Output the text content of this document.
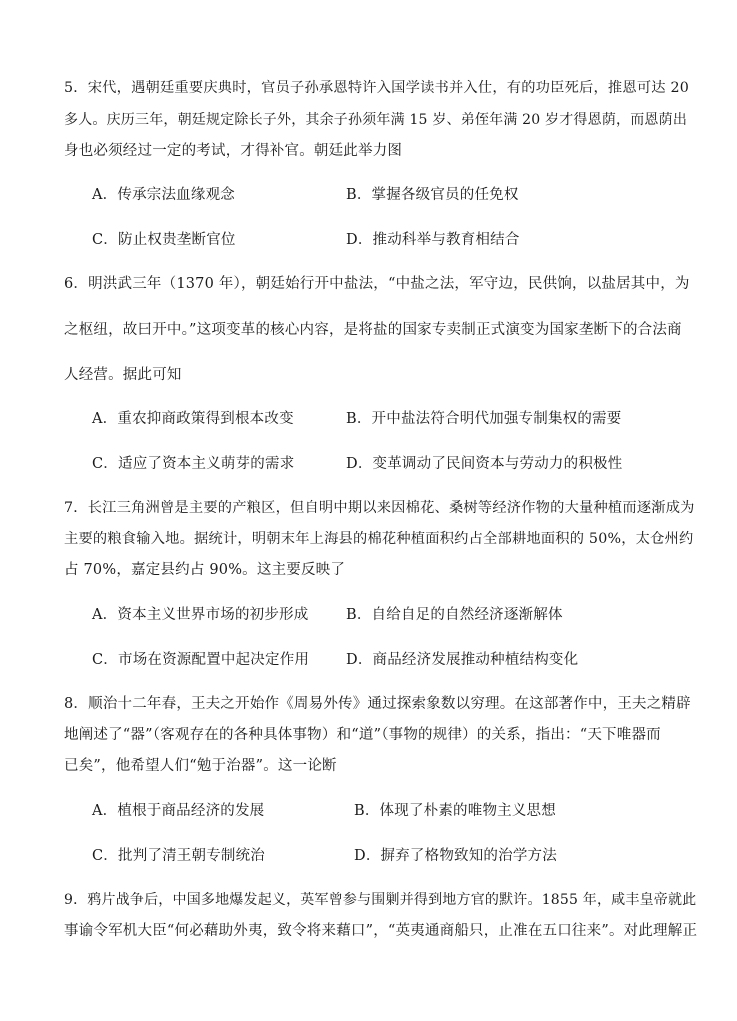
5．宋代，遇朝廷重要庆典时，官员子孙承恩特许入国学读书并入仕，有的功臣死后，推恩可达 20
多人。庆历三年，朝廷规定除长子外，其余子孙须年满 15 岁、弟侄年满 20 岁才得恩荫，而恩荫出
身也必须经过一定的考试，才得补官。朝廷此举力图
A．传承宗法血缘观念	B．掌握各级官员的任免权
C．防止权贵垄断官位	D．推动科举与教育相结合
6．明洪武三年（1370 年），朝廷始行开中盐法，“中盐之法，军守边，民供饷，以盐居其中，为
之枢纽，故曰开中。”这项变革的核心内容，是将盐的国家专卖制正式演变为国家垄断下的合法商
人经营。据此可知
A．重农抑商政策得到根本改变	B．开中盐法符合明代加强专制集权的需要
C．适应了资本主义萌芽的需求	D．变革调动了民间资本与劳动力的积极性
7．长江三角洲曾是主要的产粮区，但自明中期以来因棉花、桑树等经济作物的大量种植而逐渐成为
主要的粮食输入地。据统计，明朝末年上海县的棉花种植面积约占全部耕地面积的 50%，太仓州约
占 70%，嘉定县约占 90%。这主要反映了
A．资本主义世界市场的初步形成	B．自给自足的自然经济逐渐解体
C．市场在资源配置中起决定作用	D．商品经济发展推动种植结构变化
8．顺治十二年春，王夫之开始作《周易外传》通过探索象数以穷理。在这部著作中，王夫之精辟
地阐述了“器”（客观存在的各种具体事物）和“道”（事物的规律）的关系，指出：“天下唯器而
已矣”，他希望人们“勉于治器”。这一论断
A．植根于商品经济的发展	B．体现了朴素的唯物主义思想
C．批判了清王朝专制统治	D．摒弃了格物致知的治学方法
9．鸦片战争后，中国多地爆发起义，英军曾参与围剿并得到地方官的默许。1855 年，咸丰皇帝就此
事谕令军机大臣“何必藉助外夷，致令将来藉口”，“英夷通商船只，止准在五口往来”。对此理解正
